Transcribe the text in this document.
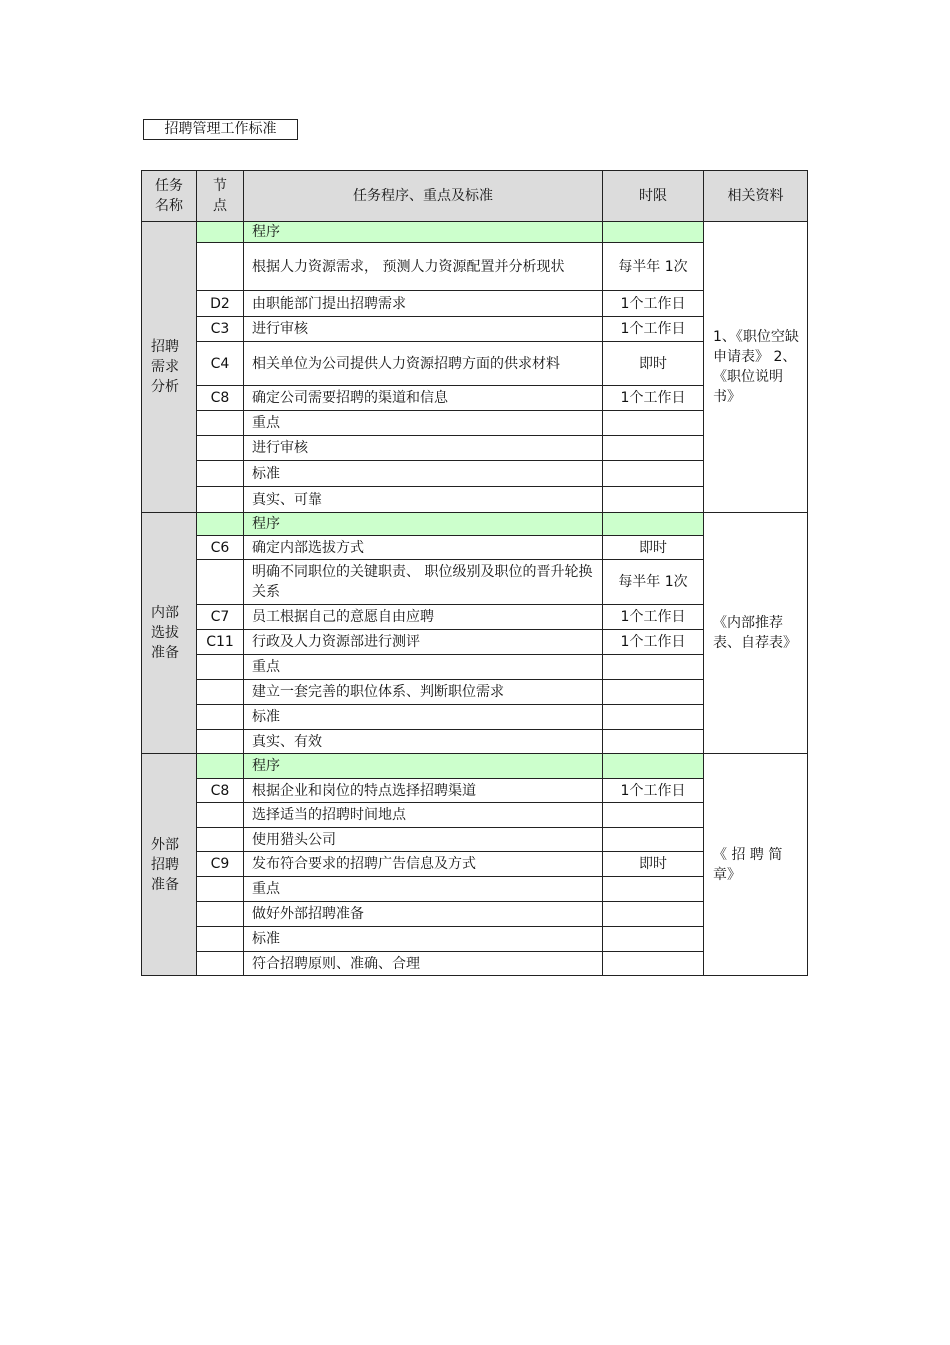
招聘管理工作标准
任务名称	节点	任务程序、重点及标准	时限	相关资料

招聘需求分析		程序		1、《职位空缺申请表》 2、《职位说明书》
		根据人力资源需求， 预测人力资源配置并分析现状	每半年 1次	
	D2	由职能部门提出招聘需求	1个工作日	
	C3	进行审核	1个工作日	
	C4	相关单位为公司提供人力资源招聘方面的供求材料	即时	
	C8	确定公司需要招聘的渠道和信息	1个工作日	
		重点		
		进行审核		
		标准		
		真实、可靠		

内部选拔准备		程序		《内部推荐表、自荐表》
	C6	确定内部选拔方式	即时	
		明确不同职位的关键职责、 职位级别及职位的晋升轮换关系	每半年 1次	
	C7	员工根据自己的意愿自由应聘	1个工作日	
	C11	行政及人力资源部进行测评	1个工作日	
		重点		
		建立一套完善的职位体系、判断职位需求		
		标准		
		真实、有效		

外部招聘准备		程序		《 招 聘 简 章》
	C8	根据企业和岗位的特点选择招聘渠道	1个工作日	
		选择适当的招聘时间地点		
		使用猎头公司		
	C9	发布符合要求的招聘广告信息及方式	即时	
		重点		
		做好外部招聘准备		
		标准		
		符合招聘原则、准确、合理		
